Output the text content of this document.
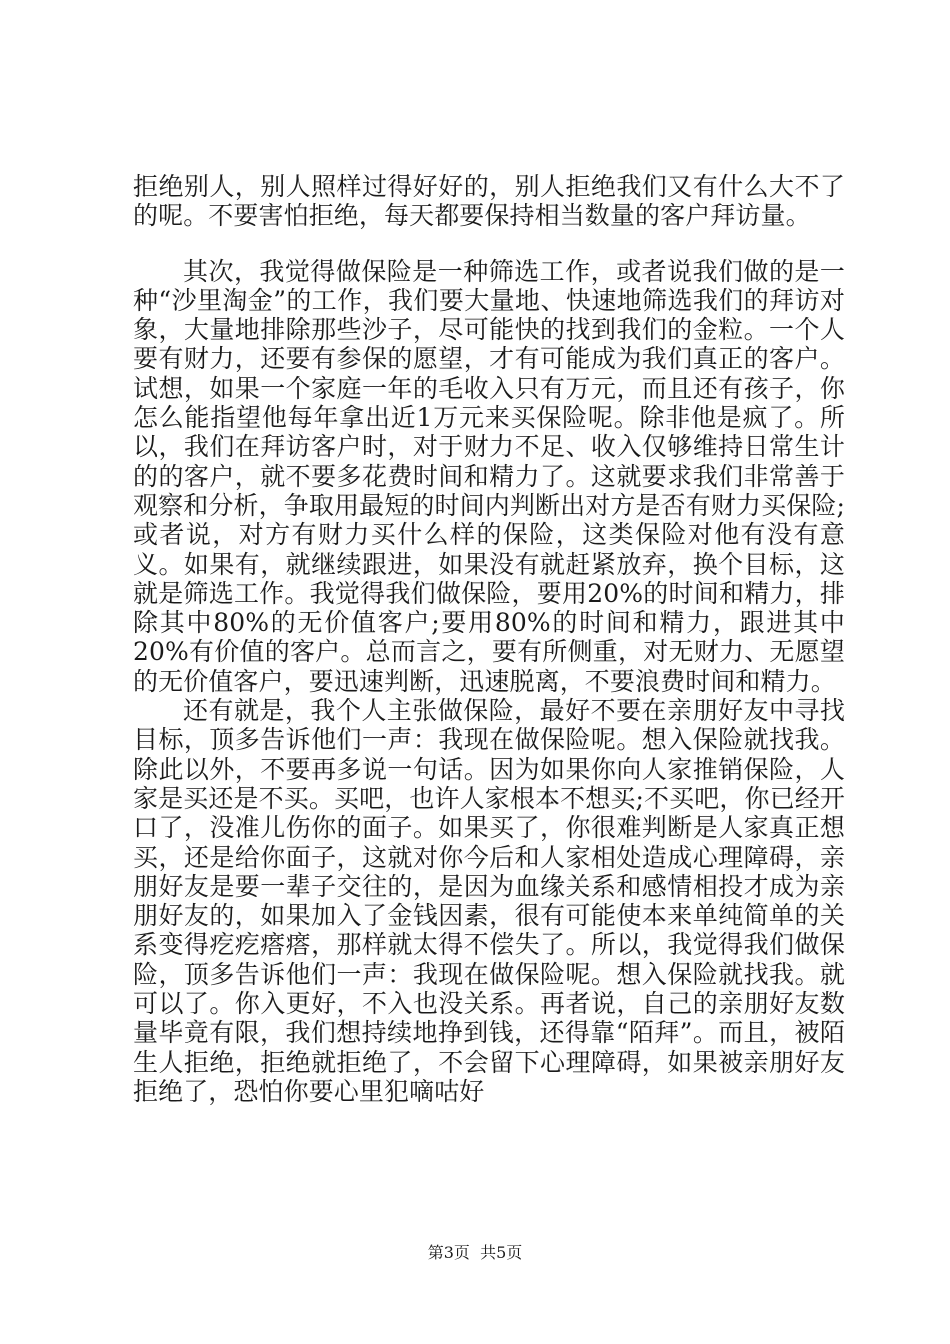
拒绝别人，别人照样过得好好的，别人拒绝我们又有什么大不了的呢。不要害怕拒绝，每天都要保持相当数量的客户拜访量。

其次，我觉得做保险是一种筛选工作，或者说我们做的是一种“沙里淘金”的工作，我们要大量地、快速地筛选我们的拜访对象，大量地排除那些沙子，尽可能快的找到我们的金粒。一个人要有财力，还要有参保的愿望，才有可能成为我们真正的客户。试想，如果一个家庭一年的毛收入只有万元，而且还有孩子，你怎么能指望他每年拿出近1万元来买保险呢。除非他是疯了。所以，我们在拜访客户时，对于财力不足、收入仅够维持日常生计的的客户，就不要多花费时间和精力了。这就要求我们非常善于观察和分析，争取用最短的时间内判断出对方是否有财力买保险;或者说，对方有财力买什么样的保险，这类保险对他有没有意义。如果有，就继续跟进，如果没有就赶紧放弃，换个目标，这就是筛选工作。我觉得我们做保险，要用20%的时间和精力，排除其中80%的无价值客户;要用80%的时间和精力，跟进其中20%有价值的客户。总而言之，要有所侧重，对无财力、无愿望的无价值客户，要迅速判断，迅速脱离，不要浪费时间和精力。

还有就是，我个人主张做保险，最好不要在亲朋好友中寻找目标，顶多告诉他们一声：我现在做保险呢。想入保险就找我。除此以外，不要再多说一句话。因为如果你向人家推销保险，人家是买还是不买。买吧，也许人家根本不想买;不买吧，你已经开口了，没准儿伤你的面子。如果买了，你很难判断是人家真正想买，还是给你面子，这就对你今后和人家相处造成心理障碍，亲朋好友是要一辈子交往的，是因为血缘关系和感情相投才成为亲朋好友的，如果加入了金钱因素，很有可能使本来单纯简单的关系变得疙疙瘩瘩，那样就太得不偿失了。所以，我觉得我们做保险，顶多告诉他们一声：我现在做保险呢。想入保险就找我。就可以了。你入更好，不入也没关系。再者说，自己的亲朋好友数量毕竟有限，我们想持续地挣到钱，还得靠“陌拜”。而且，被陌生人拒绝，拒绝就拒绝了，不会留下心理障碍，如果被亲朋好友拒绝了，恐怕你要心里犯嘀咕好

第3页 共5页
